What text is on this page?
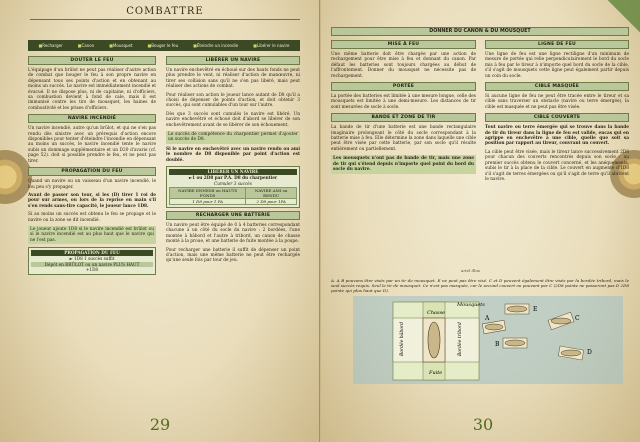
COMBATTRE
■ Recharger	■ Canon	■ Mousquet	■ Bouger le feu	■ Éteindre un incendie	■ Libérer le navire
DOUTER LE FEU

L'équipage d'un brûlot ne peut pas réaliser d'autre action de combat que bouger le feu à son propre navire en dépensant tous ses points d'action et en obtenant au moins un succès. Le navire est immédiatement incendié et évacué. Il ne dispose plus, ni de capitaine, ni d'officiers, sa combustion devient à fond de cale, mais il est immunisé contre les tirs de mousquet, les haines de combustivité et les prises d'officiers.

NAVIRE INCENDIÉ

Un navire incendié, autre qu'un brûlot, et qui ne s'en pas rendu dès sinistre avec un prérequis d'action encore disponibles pour tenter d'éteindre l'incendie en dépensant au moins un succès, le navire incendié tente le navire subis un dommage supplémentaire et un D20 d'avarie (cf. page 52). doit si possible prendre le feu, et ne peut pas tirer.

PROPAGATION DU FEU

Quand un navire ou un vaisseau d'un navire incendié, le lou peu s'y propager.

Avant de passer son tour, si les (D) tirer 1 roi de pour sur armes, ou lors de la reprise en main s'il s'en rends sans-tire capacité, le joueur lance 1D8.

Si au moins un succès est obtenu le feu se propage et le navire ou la zone se dit incendié.

Le joueur ajoute 1D8 si le navire incendié est brûlot ou si le navire incendié est au plus haut que le navire qui ne l'est pas.
PROPAGATION DU FEU
► 1D8 1 succès suffit
Dépôt en BRÛLOT ou un navire PLUS HAUT
+1D8
LIBÉRER UN NAVIRE

Un navire enchevêtré en échoué sur des hauts fonds ne peut plus prendre le vent, ni réaliser d'action de manœuvre, ni tirer ses collision sans qu'il ne s'en pas libéré, mais peut réaliser des actions de combat.

Pour réaliser son action le joueur lance autant de D8 qu'il a choisi de dépenser de points d'action, et doit obtenir 3 succès, qui sont cumulables d'un tour sur l'autre.

Dès que 3 succès sont cumulés le navire est libéré. Un navire enchevêtré et échoué doit d'abord se libérer de son enchevêtrement avant de se libérer de son échouement.

Le succès de compétence du charpentier permet d'ajouter un succès de D8.

Si le navire en enchevêtré avec un navire rendu ou ami le nombre de D8 disponible par point d'action est doublé.

LIBÉRER UN NAVIRE
►1 ou 2D8 par P.A. D8 du charpentier
Cumuler 3 succès
NAVIRE ENNEMI ou HAUTS FONDS	NAVIRE AMI ou RENDU
1 D8 pour 1 PA	2 D8 pour 1PA
RECHARGER UNE BATTERIE

Un navire peut être équipé de 0 à 4 batteries correspondant chacune à un côté du socle du navire : 2 bordées, l'une montée à bâbord et l'autre à tribord, un canon de chasse monté à la proue, et une batterie de fuite montée à la poupe.

Pour recharger une batterie il suffit de dépenser un point d'action, mais une même batterie ne peut être rechargée qu'une seule fois par tour de jeu.

29
DONNER DU CANON & DU MOUSQUET
MISE À FEU

Une même batterie doit être chargée par une action de rechargement pour être mise à feu et donnant du canon. Par défaut les batteries sont toujours chargées au début de l'affrontement. Donner du mousquet ne nécessite pas de rechargement.

PORTÉE

La portée des batteries est limitée à une mesure longue, celle des mousquets est limitée à une demi-mesure. Les distances de tir sont mesurées de socle à socle.

BANDE ET ZONE DE TIR

La bande de tir d'une batterie est une bande rectangulaire imaginaire prolongeant le côté du socle correspondant à la batterie mise à feu. Elle détermine la zone dans laquelle une cible peut être visée par cette batterie, par son socle qu'il résulte entièrement ou partiellement.

Les mousquets n'ont pas de bande de tir, mais une zone de tir qui s'étend depuis n'importe quel point du bord du socle du navire.
LIGNE DE FEU

Une ligne de feu est une ligne rectiligne d'un minimum de mesure de portée qui relie perpendiculairement le bord du socle mis à feu par le tireur à n'importe quel bord du socle de la cible, s'il s'agit de mousquets cette ligne peut également partir depuis un coin du socle.

CIBLE MASQUÉE

Si aucune ligne de feu ne peut être tracée entre le tireur et sa cible sans traverser un obstacle (navire ou terre émergée), la cible est masquée et ne peut pas être visée.

CIBLE COUVERTE

Tout navire ou terre émergée qui se trouve dans la bande de tir du tireur dans la ligne de feu est valide, encas qui en agrippe en enchevêtre à une cible, quelle que soit sa position par rapport au tireur, couvrant un couvert.

La cible peut être visée, mais le tireur lance successivement 2D8 pour chacun des couverts rencontrés depuis son socle : au premier succès obtenu le couvert concerné, et les anéquements, subis le tir à la place de la cible. Le couvert en augmente d'1D8 s'il s'agit de terres émergées ou qu'il s'agit de terre qu'il abritent le navire.

ariel illus
A. A B pouvons être visés par un tir de mousquet. E ne peut pas être visé. C et D peuvent également être visés par la bordée tribord, mais le seul succès requis. Seul le tir de mousquet. Ce n'est pas masquée, car le second couvert ou pouvant par C (2D8 pointe ne passeront pas D 2D8 pointe qui plus haut que D).
Mousquets
Chasse
Bordée bâbord	Bordée tribord
Fuite
A
B
C
D
E
30
